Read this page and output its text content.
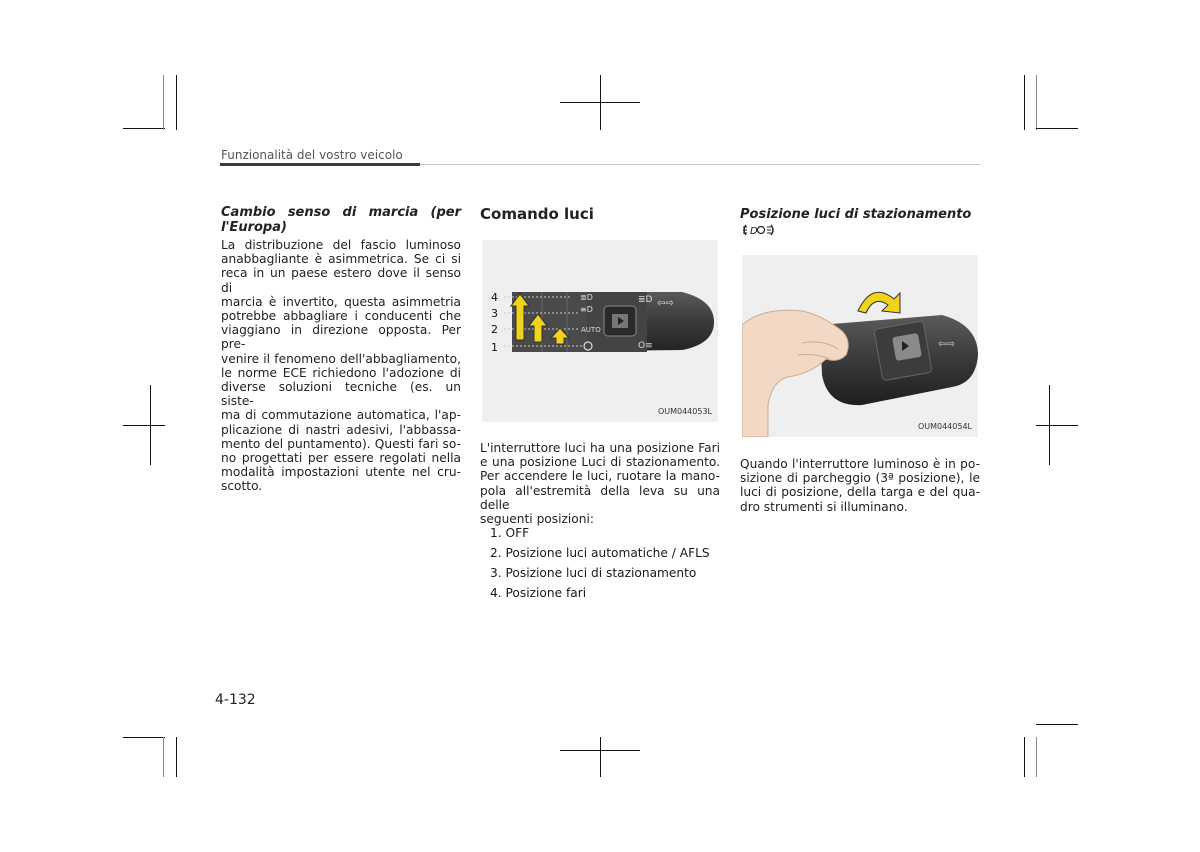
Funzionalità del vostro veicolo
Cambio senso di marcia (per
l'Europa)
La distribuzione del fascio luminoso
anabbagliante è asimmetrica. Se ci si
reca in un paese estero dove il senso di
marcia è invertito, questa asimmetria
potrebbe abbagliare i conducenti che
viaggiano in direzione opposta. Per pre-
venire il fenomeno dell'abbagliamento,
le norme ECE richiedono l'adozione di
diverse soluzioni tecniche (es. un siste-
ma di commutazione automatica, l'ap-
plicazione di nastri adesivi, l'abbassa-
mento del puntamento). Questi fari so-
no progettati per essere regolati nella
modalità impostazioni utente nel cru-
scotto.
Comando luci
AUTO
≡D
≣D	≣D
O≡
⇦⇨
4
3
2
1
OUM044053L
L'interruttore luci ha una posizione Fari
e una posizione Luci di stazionamento.
Per accendere le luci, ruotare la mano-
pola all'estremità della leva su una delle
seguenti posizioni:
1. OFF
2. Posizione luci automatiche / AFLS
3. Posizione luci di stazionamento
4. Posizione fari
Posizione luci di stazionamento
D
⇦⇨
OUM044054L
Quando l'interruttore luminoso è in po-
sizione di parcheggio (3ª posizione), le
luci di posizione, della targa e del qua-
dro strumenti si illuminano.
4-132
